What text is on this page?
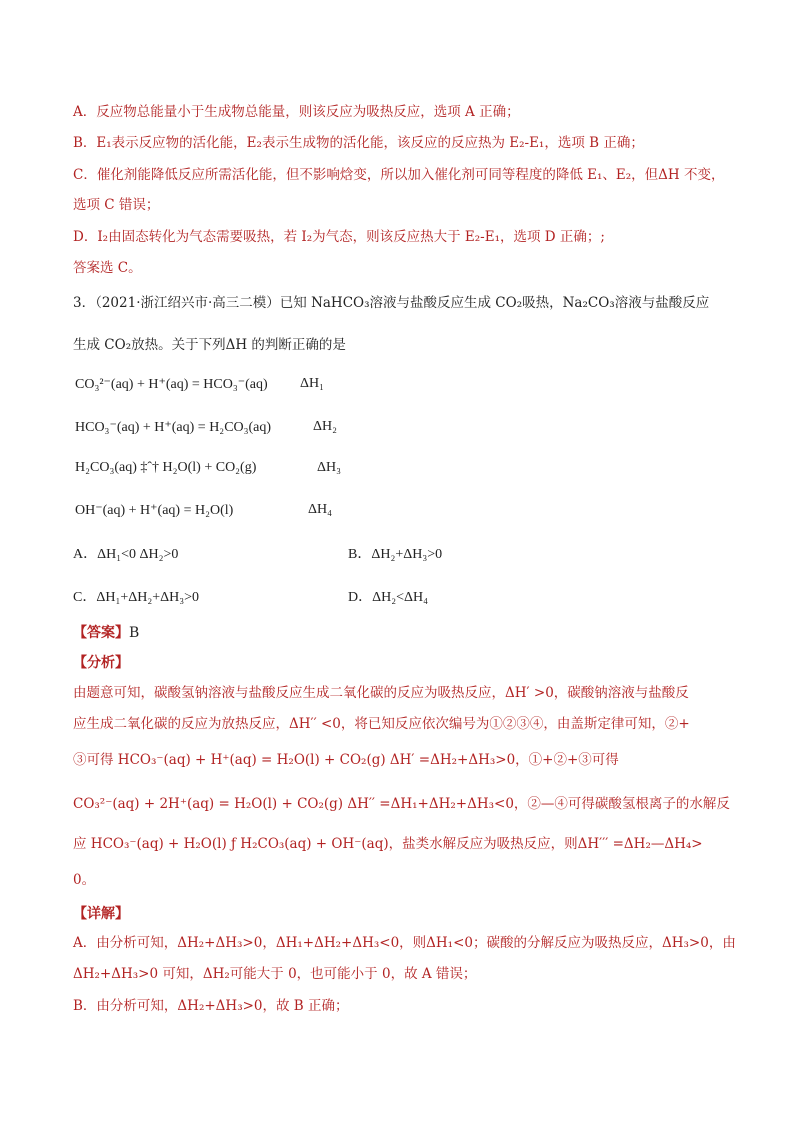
A．反应物总能量小于生成物总能量，则该反应为吸热反应，选项 A 正确；
B．E₁表示反应物的活化能，E₂表示生成物的活化能，该反应的反应热为 E₂-E₁，选项 B 正确；
C．催化剂能降低反应所需活化能，但不影响焓变，所以加入催化剂可同等程度的降低 E₁、E₂，但ΔH 不变，
选项 C 错误；
D．I₂由固态转化为气态需要吸热，若 I₂为气态，则该反应热大于 E₂-E₁，选项 D 正确；;
答案选 C。
3．（2021·浙江绍兴市·高三二模）已知 NaHCO₃溶液与盐酸反应生成 CO₂吸热，Na₂CO₃溶液与盐酸反应
生成 CO₂放热。关于下列ΔH 的判断正确的是
CO₃²⁻(aq) + H⁺(aq) = HCO₃⁻(aq) ΔH₁
HCO₃⁻(aq) + H⁺(aq) = H₂CO₃(aq)	ΔH₂
H₂CO₃(aq) ‡ˆ† H₂O(l) + CO₂(g)	ΔH₃
OH⁻(aq) + H⁺(aq) = H₂O(l)	ΔH₄
A．ΔH₁<0 ΔH₂>0	B．ΔH₂+ΔH₃>0
C．ΔH₁+ΔH₂+ΔH₃>0	D．ΔH₂<ΔH₄
【答案】B
【分析】
由题意可知，碳酸氢钠溶液与盐酸反应生成二氧化碳的反应为吸热反应，ΔH′ >0，碳酸钠溶液与盐酸反
应生成二氧化碳的反应为放热反应，ΔH′′ <0，将已知反应依次编号为①②③④，由盖斯定律可知，②+
③可得 HCO₃⁻(aq) + H⁺(aq) = H₂O(l) + CO₂(g) ΔH′ =ΔH₂+ΔH₃>0，①+②+③可得
CO₃²⁻(aq) + 2H⁺(aq) = H₂O(l) + CO₂(g) ΔH′′ =ΔH₁+ΔH₂+ΔH₃<0，②—④可得碳酸氢根离子的水解反
应 HCO₃⁻(aq) + H₂O(l) ƒ H₂CO₃(aq) + OH⁻(aq)，盐类水解反应为吸热反应，则ΔH′′′ =ΔH₂—ΔH₄>
0。
【详解】
A．由分析可知，ΔH₂+ΔH₃>0，ΔH₁+ΔH₂+ΔH₃<0，则ΔH₁<0；碳酸的分解反应为吸热反应，ΔH₃>0，由
ΔH₂+ΔH₃>0 可知，ΔH₂可能大于 0，也可能小于 0，故 A 错误；
B．由分析可知，ΔH₂+ΔH₃>0，故 B 正确；
